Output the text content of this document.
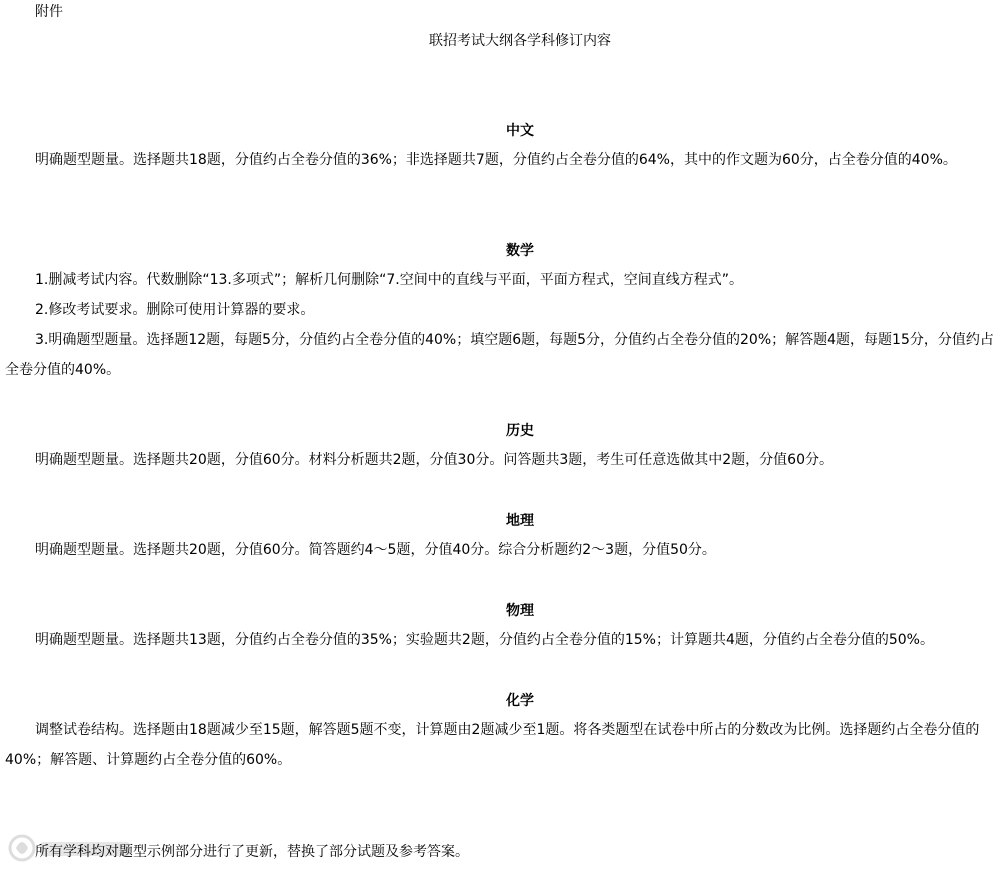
附件
联招考试大纲各学科修订内容
中文
明确题型题量。选择题共18题，分值约占全卷分值的36%；非选择题共7题，分值约占全卷分值的64%，其中的作文题为60分，占全卷分值的40%。
数学
1.删减考试内容。代数删除“13.多项式”；解析几何删除“7.空间中的直线与平面，平面方程式，空间直线方程式”。
2.修改考试要求。删除可使用计算器的要求。
3.明确题型题量。选择题12题，每题5分，分值约占全卷分值的40%；填空题6题，每题5分，分值约占全卷分值的20%；解答题4题，每题15分，分值约占全卷分值的40%。
历史
明确题型题量。选择题共20题，分值60分。材料分析题共2题，分值30分。问答题共3题，考生可任意选做其中2题，分值60分。
地理
明确题型题量。选择题共20题，分值60分。简答题约4～5题，分值40分。综合分析题约2～3题，分值50分。
物理
明确题型题量。选择题共13题，分值约占全卷分值的35%；实验题共2题，分值约占全卷分值的15%；计算题共4题，分值约占全卷分值的50%。
化学
调整试卷结构。选择题由18题减少至15题，解答题5题不变，计算题由2题减少至1题。将各类题型在试卷中所占的分数改为比例。选择题约占全卷分值的40%；解答题、计算题约占全卷分值的60%。
所有学科均对题型示例部分进行了更新，替换了部分试题及参考答案。
